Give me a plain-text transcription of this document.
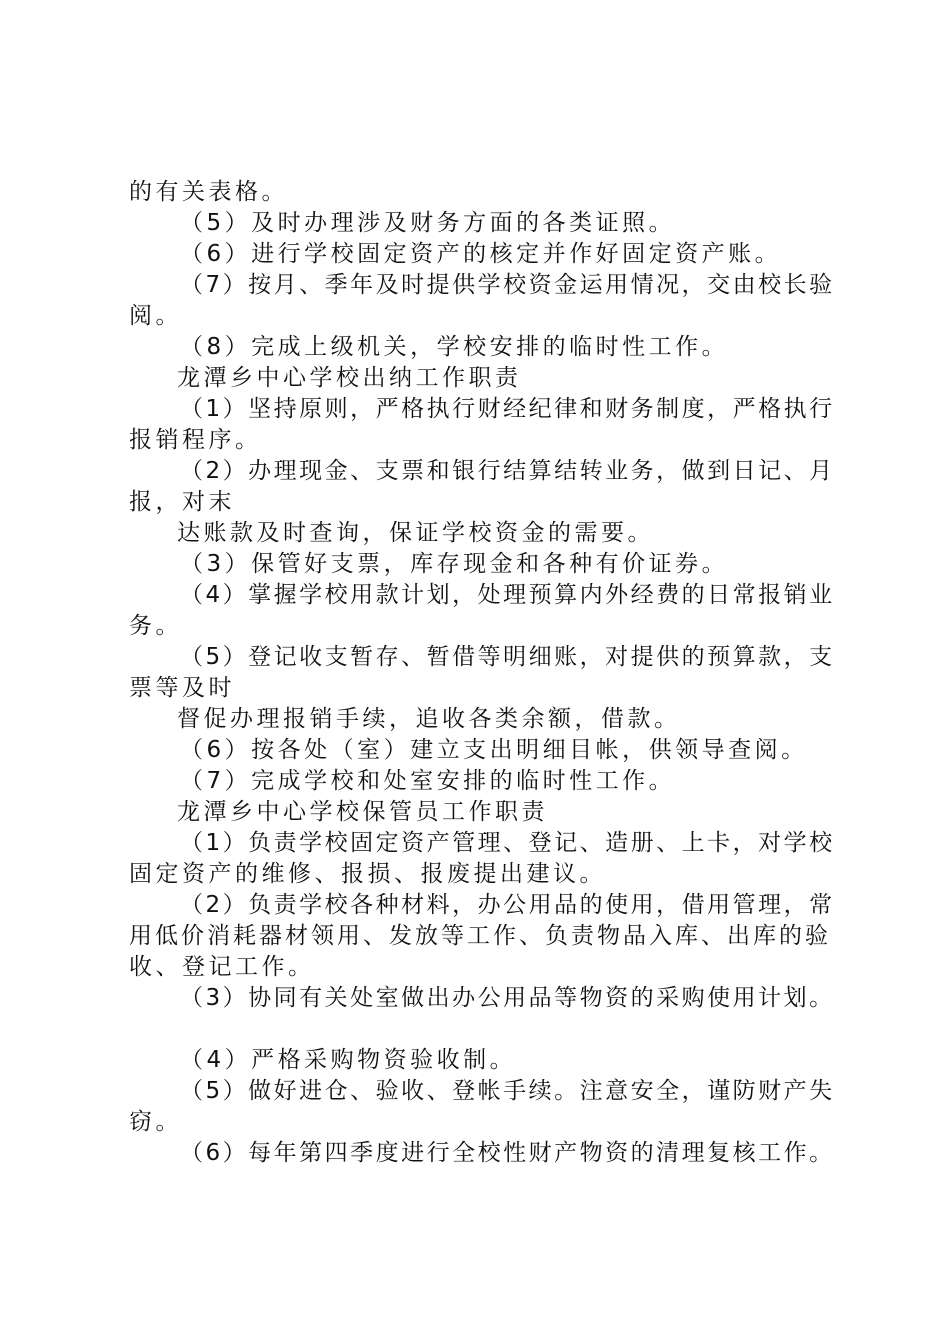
的有关表格。
（5）及时办理涉及财务方面的各类证照。
（6）进行学校固定资产的核定并作好固定资产账。
（7）按月、季年及时提供学校资金运用情况，交由校长验
阅。
（8）完成上级机关，学校安排的临时性工作。
龙潭乡中心学校出纳工作职责
（1）坚持原则，严格执行财经纪律和财务制度，严格执行
报销程序。
（2）办理现金、支票和银行结算结转业务，做到日记、月
报，对末
达账款及时查询，保证学校资金的需要。
（3）保管好支票，库存现金和各种有价证券。
（4）掌握学校用款计划，处理预算内外经费的日常报销业
务。
（5）登记收支暂存、暂借等明细账，对提供的预算款，支
票等及时
督促办理报销手续，追收各类余额，借款。
（6）按各处（室）建立支出明细目帐，供领导查阅。
（7）完成学校和处室安排的临时性工作。
龙潭乡中心学校保管员工作职责
（1）负责学校固定资产管理、登记、造册、上卡，对学校
固定资产的维修、报损、报废提出建议。
（2）负责学校各种材料，办公用品的使用，借用管理，常
用低价消耗器材领用、发放等工作、负责物品入库、出库的验
收、登记工作。
（3）协同有关处室做出办公用品等物资的采购使用计划。
（4）严格采购物资验收制。
（5）做好进仓、验收、登帐手续。注意安全，谨防财产失
窃。
（6）每年第四季度进行全校性财产物资的清理复核工作。
